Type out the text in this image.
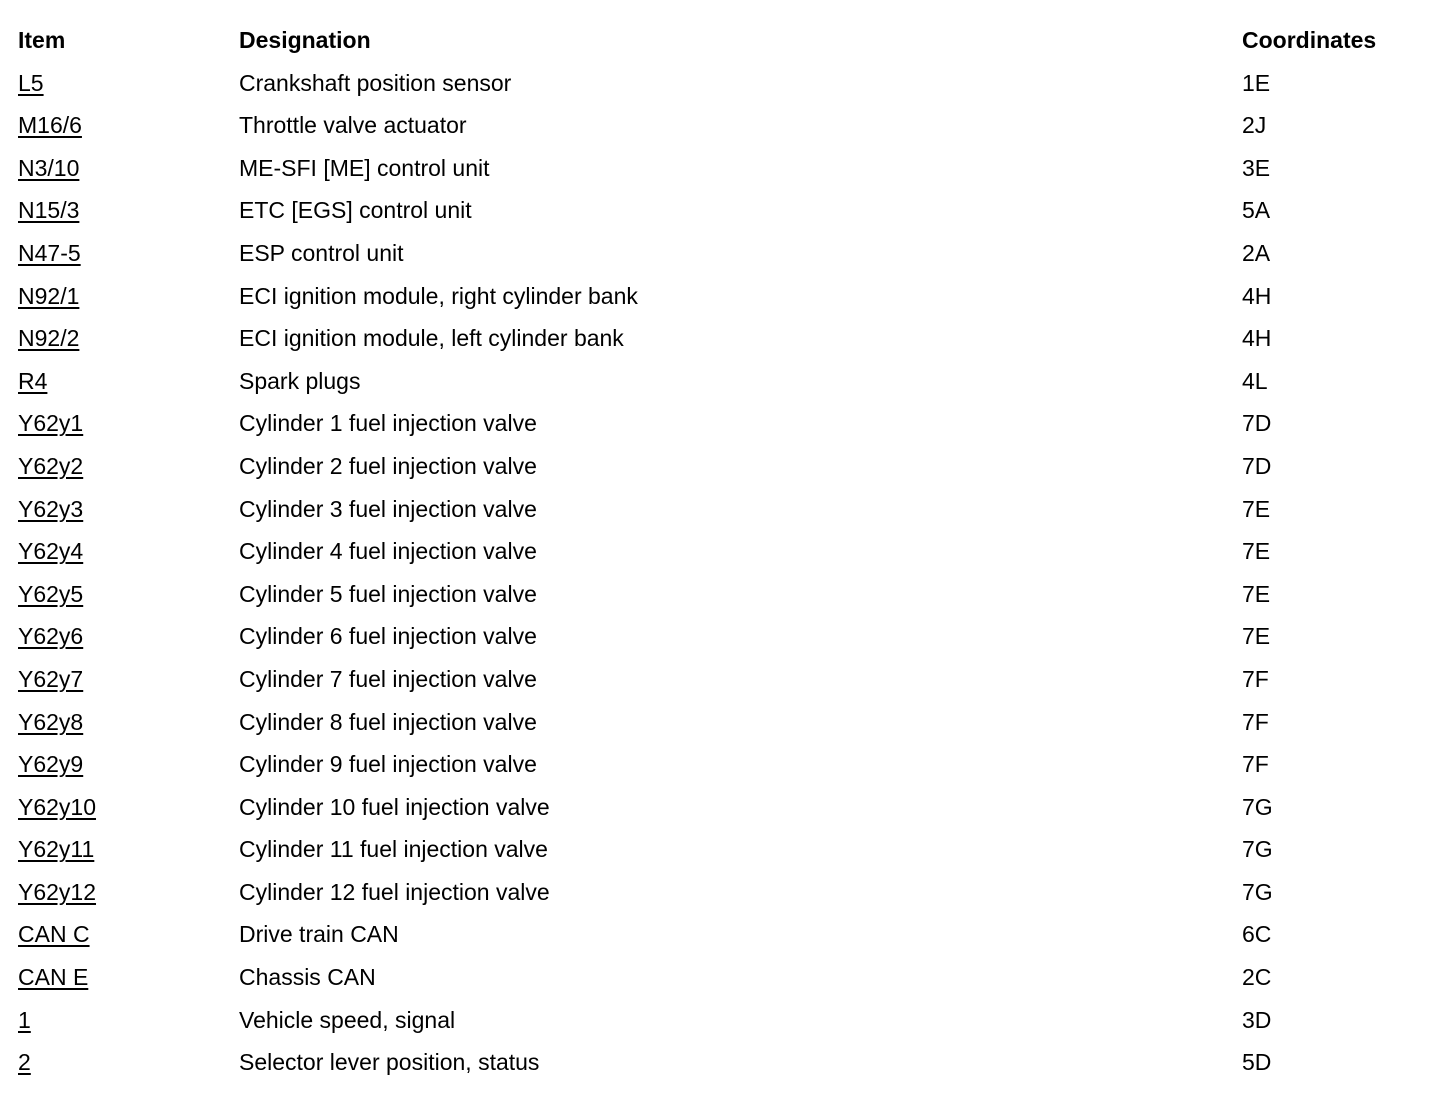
Item	Designation	Coordinates
L5	Crankshaft position sensor	1E
M16/6	Throttle valve actuator	2J
N3/10	ME-SFI [ME] control unit	3E
N15/3	ETC [EGS] control unit	5A
N47-5	ESP control unit	2A
N92/1	ECI ignition module, right cylinder bank	4H
N92/2	ECI ignition module, left cylinder bank	4H
R4	Spark plugs	4L
Y62y1	Cylinder 1 fuel injection valve	7D
Y62y2	Cylinder 2 fuel injection valve	7D
Y62y3	Cylinder 3 fuel injection valve	7E
Y62y4	Cylinder 4 fuel injection valve	7E
Y62y5	Cylinder 5 fuel injection valve	7E
Y62y6	Cylinder 6 fuel injection valve	7E
Y62y7	Cylinder 7 fuel injection valve	7F
Y62y8	Cylinder 8 fuel injection valve	7F
Y62y9	Cylinder 9 fuel injection valve	7F
Y62y10	Cylinder 10 fuel injection valve	7G
Y62y11	Cylinder 11 fuel injection valve	7G
Y62y12	Cylinder 12 fuel injection valve	7G
CAN C	Drive train CAN	6C
CAN E	Chassis CAN	2C
1	Vehicle speed, signal	3D
2	Selector lever position, status	5D
